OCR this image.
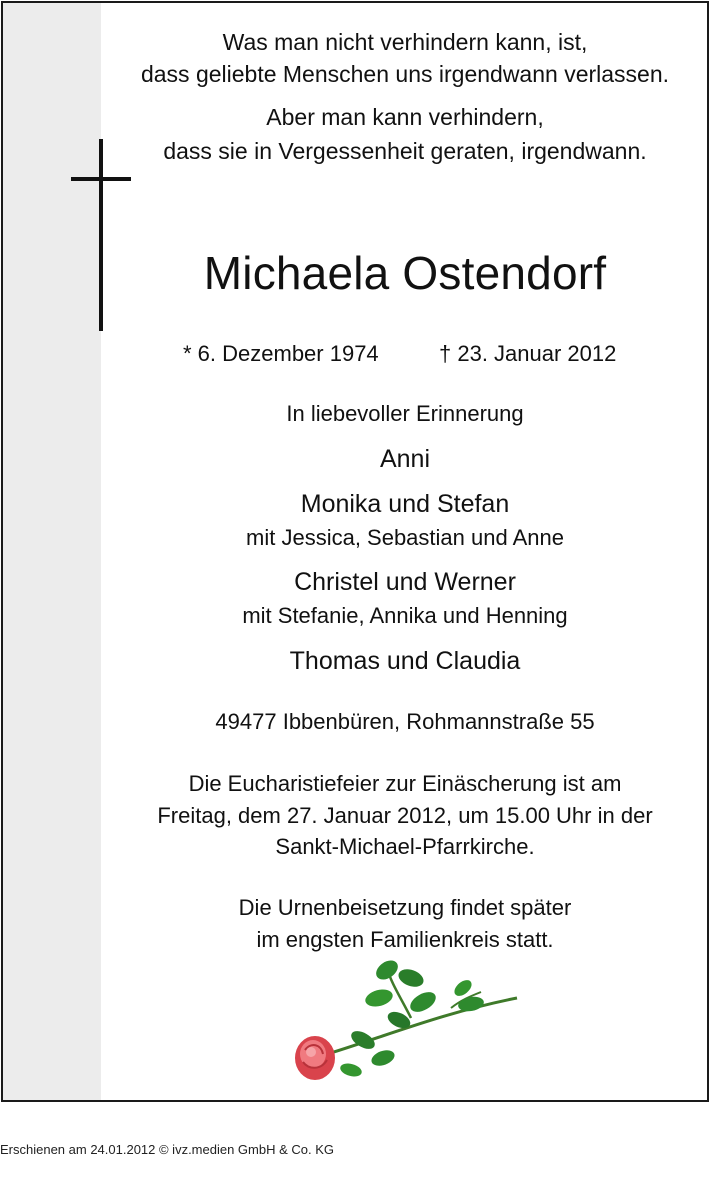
Was man nicht verhindern kann, ist,
dass geliebte Menschen uns irgendwann verlassen.
Aber man kann verhindern,
dass sie in Vergessenheit geraten, irgendwann.
Michaela Ostendorf
* 6. Dezember 1974	† 23. Januar 2012
In liebevoller Erinnerung
Anni
Monika und Stefan
mit Jessica, Sebastian und Anne
Christel und Werner
mit Stefanie, Annika und Henning
Thomas und Claudia
49477 Ibbenbüren, Rohmannstraße 55
Die Eucharistiefeier zur Einäscherung ist am
Freitag, dem 27. Januar 2012, um 15.00 Uhr in der
Sankt-Michael-Pfarrkirche.
Die Urnenbeisetzung findet später
im engsten Familienkreis statt.
Erschienen am 24.01.2012 © ivz.medien GmbH & Co. KG
